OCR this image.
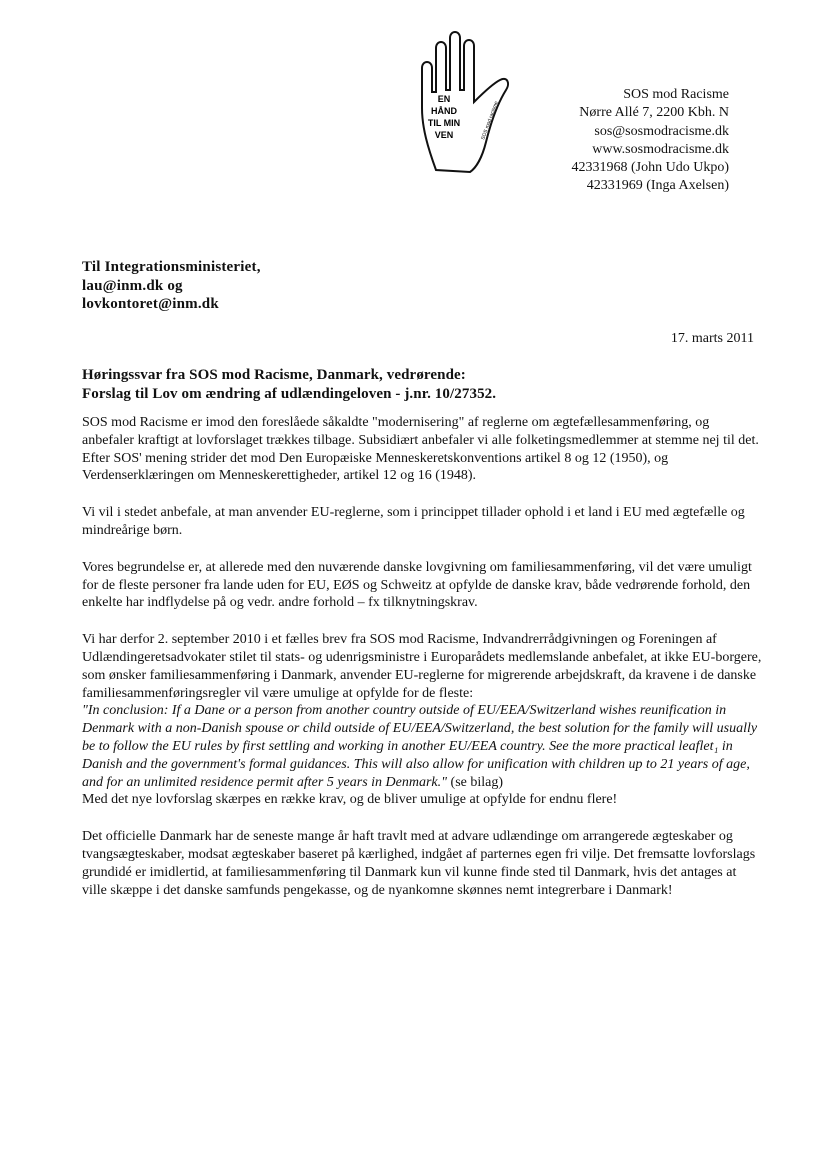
EN
HÅND
TIL MIN
VEN	SOS mod racisme
SOS mod Racisme
Nørre Allé 7, 2200 Kbh. N
sos@sosmodracisme.dk
www.sosmodracisme.dk
42331968 (John Udo Ukpo)
42331969 (Inga Axelsen)
Til Integrationsministeriet,
lau@inm.dk og
lovkontoret@inm.dk
17. marts 2011
Høringssvar fra SOS mod Racisme, Danmark, vedrørende:
Forslag til Lov om ændring af udlændingeloven - j.nr. 10/27352.

SOS mod Racisme er imod den foreslåede såkaldte "modernisering" af reglerne om ægtefællesammenføring, og anbefaler kraftigt at lovforslaget trækkes tilbage. Subsidiært anbefaler vi alle folketingsmedlemmer at stemme nej til det. Efter SOS' mening strider det mod Den Europæiske Menneskeretskonventions artikel 8 og 12 (1950), og Verdenserklæringen om Menneskerettigheder, artikel 12 og 16 (1948).

Vi vil i stedet anbefale, at man anvender EU-reglerne, som i princippet tillader ophold i et land i EU med ægtefælle og mindreårige børn.

Vores begrundelse er, at allerede med den nuværende danske lovgivning om familiesammenføring, vil det være umuligt for de fleste personer fra lande uden for EU, EØS og Schweitz at opfylde de danske krav, både vedrørende forhold, den enkelte har indflydelse på og vedr. andre forhold – fx tilknytningskrav.

Vi har derfor 2. september 2010 i et fælles brev fra SOS mod Racisme, Indvandrerrådgivningen og Foreningen af Udlændingeretsadvokater stilet til stats- og udenrigsministre i Europarådets medlemslande anbefalet, at ikke EU-borgere, som ønsker familiesammenføring i Danmark, anvender EU-reglerne for migrerende arbejdskraft, da kravene i de danske familiesammenføringsregler vil være umulige at opfylde for de fleste:
"In conclusion: If a Dane or a person from another country outside of EU/EEA/Switzerland wishes reunification in Denmark with a non-Danish spouse or child outside of EU/EEA/Switzerland, the best solution for the family will usually be to follow the EU rules by first settling and working in another EU/EEA country. See the more practical leaflet₁ in Danish and the government's formal guidances. This will also allow for unification with children up to 21 years of age, and for an unlimited residence permit after 5 years in Denmark." (se bilag)
Med det nye lovforslag skærpes en række krav, og de bliver umulige at opfylde for endnu flere!

Det officielle Danmark har de seneste mange år haft travlt med at advare udlændinge om arrangerede ægteskaber og tvangsægteskaber, modsat ægteskaber baseret på kærlighed, indgået af parternes egen fri vilje. Det fremsatte lovforslags grundidé er imidlertid, at familiesammenføring til Danmark kun vil kunne finde sted til Danmark, hvis det antages at ville skæppe i det danske samfunds pengekasse, og de nyankomne skønnes nemt integrerbare i Danmark!
